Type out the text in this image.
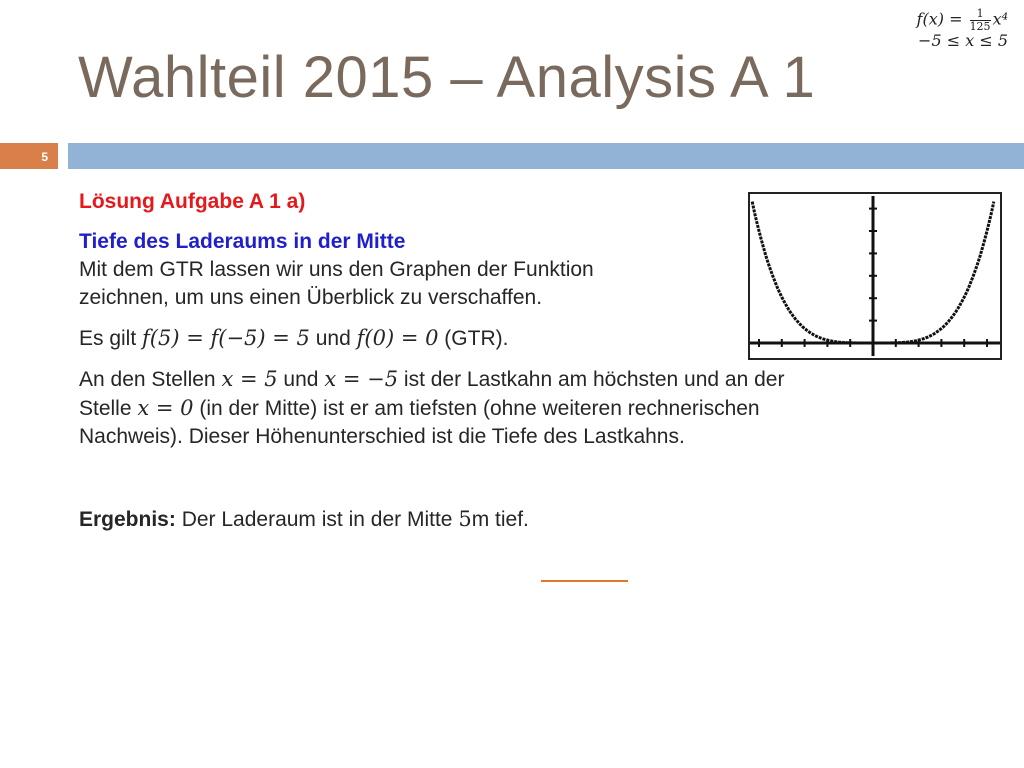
Wahlteil 2015 – Analysis A 1
$f(x) = \frac{1}{125} x^4$
−5 ≤ x ≤ 5
5

Lösung Aufgabe A 1 a)

Tiefe des Laderaums in der Mitte

Mit dem GTR lassen wir uns den Graphen der Funktion

zeichnen, um uns einen Überblick zu verschaffen.

Es gilt f(5) = f(−5) = 5 und f(0) = 0 (GTR).

An den Stellen x = 5 und x = −5 ist der Lastkahn am höchsten und an der
Stelle x = 0 (in der Mitte) ist er am tiefsten (ohne weiteren rechnerischen
Nachweis). Dieser Höhenunterschied ist die Tiefe des Lastkahns.

Ergebnis: Der Laderaum ist in der Mitte 5m tief.
